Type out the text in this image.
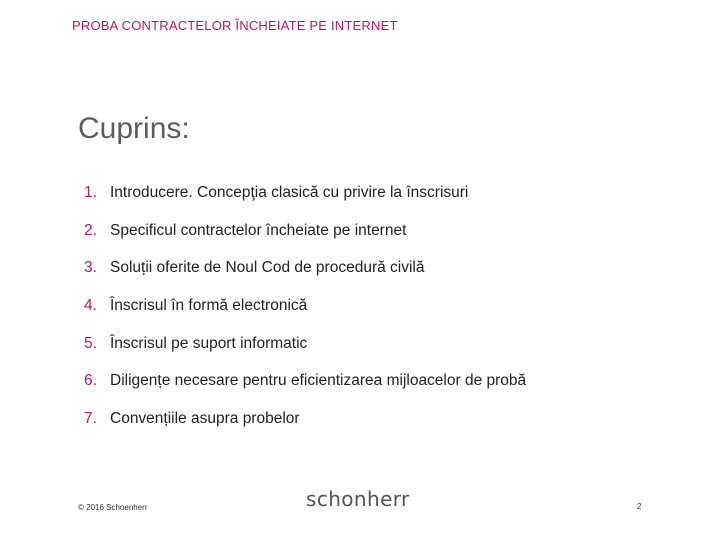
PROBA CONTRACTELOR ÎNCHEIATE PE INTERNET
Cuprins:
1. Introducere. Concepţia clasică cu privire la înscrisuri
2. Specificul contractelor încheiate pe internet
3. Soluții oferite de Noul Cod de procedură civilă
4. Înscrisul în formă electronică
5. Înscrisul pe suport informatic
6. Diligențe necesare pentru eficientizarea mijloacelor de probă
7. Convențiile asupra probelor
© 2016 Schoenherr	schonherr	2
